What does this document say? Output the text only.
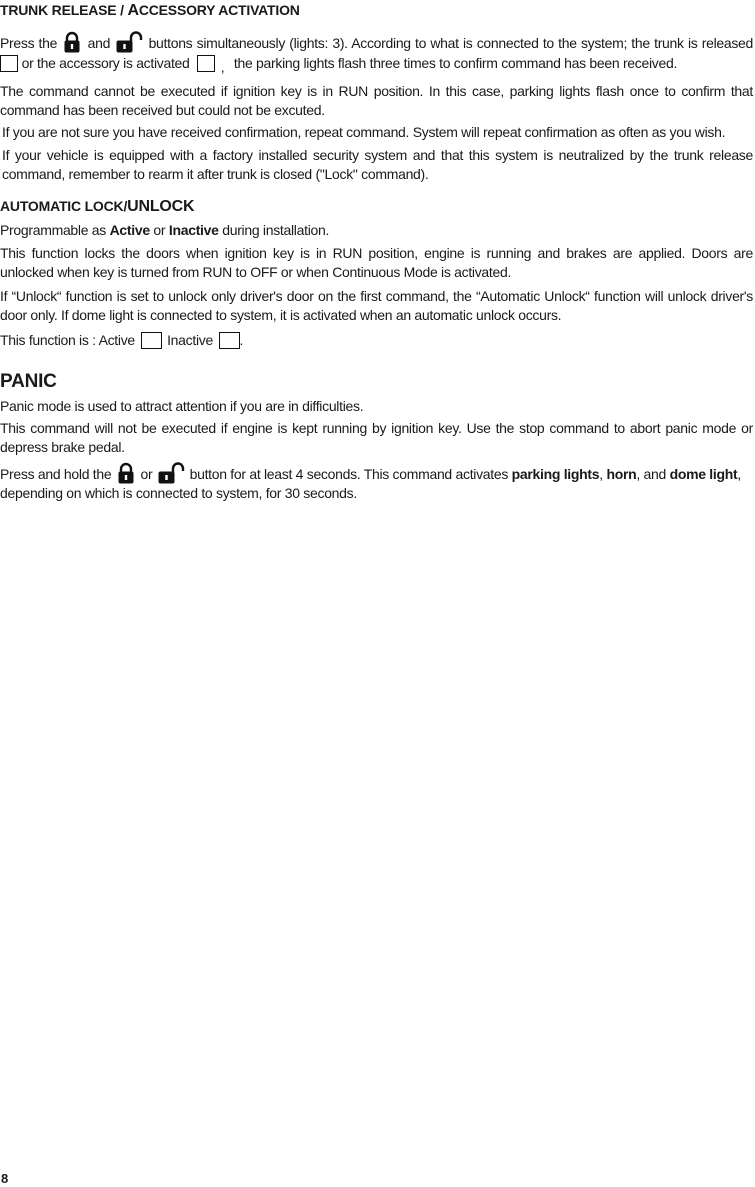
TRUNK RELEASE / ACCESSORY ACTIVATION

Press the and	buttons simultaneously (lights: 3). According to what is connected to the system; the trunk is released  or the accessory is activated , the parking lights flash three times to confirm command has been received.

The command cannot be executed if ignition key is in RUN position. In this case, parking lights flash once to confirm that command has been received but could not be excuted.

If you are not sure you have received confirmation, repeat command. System will repeat confirmation as often as you wish.

If your vehicle is equipped with a factory installed security system and that this system is neutralized by the trunk release command, remember to rearm it after trunk is closed ("Lock" command).

AUTOMATIC LOCK/UNLOCK

Programmable as Active or Inactive during installation.

This function locks the doors when ignition key is in RUN position, engine is running and brakes are applied. Doors are unlocked when key is turned from RUN to OFF or when Continuous Mode is activated.

If “Unlock“ function is set to unlock only driver's door on the first command, the “Automatic Unlock“ function will unlock driver's door only. If dome light is connected to system, it is activated when an automatic unlock occurs.

This function is : Active Inactive .

PANIC

Panic mode is used to attract attention if you are in difficulties.

This command will not be executed if engine is kept running by ignition key. Use the stop command to abort panic mode or depress brake pedal.

Press and hold the or	button for at least 4 seconds. This command activates parking lights, horn, and dome light, depending on which is connected to system, for 30 seconds.

8
